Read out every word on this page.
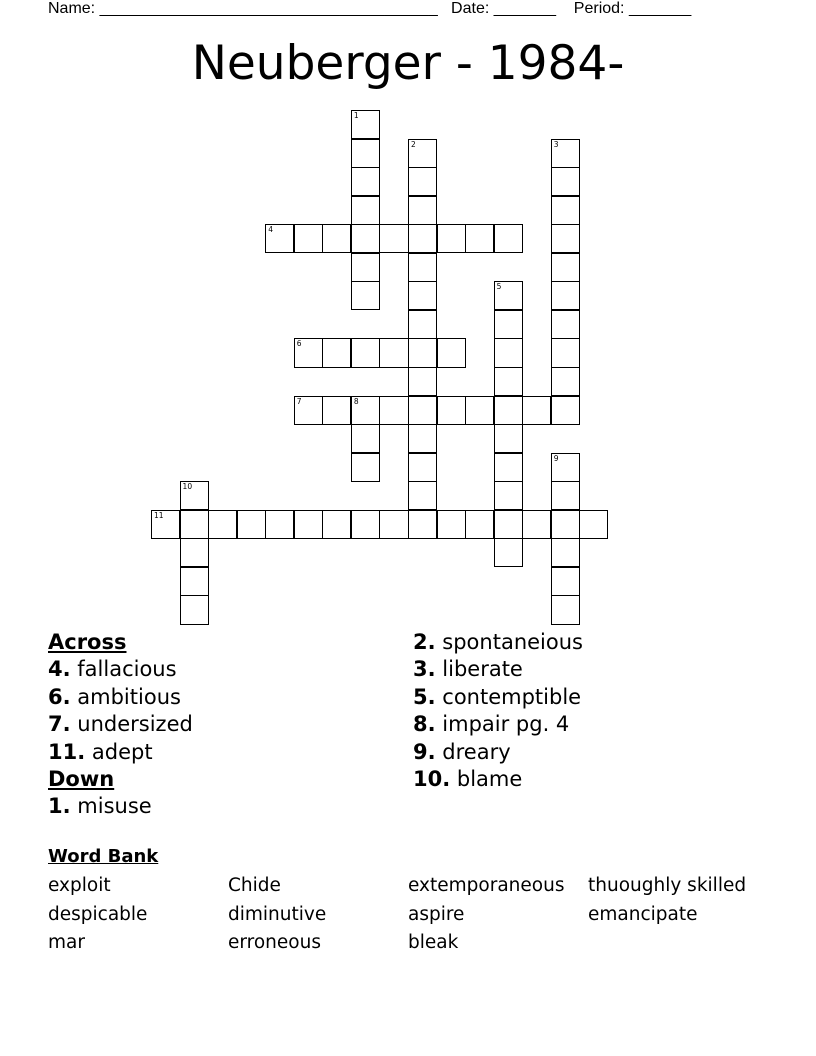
Name: ______________________________________   Date: _______    Period: _______
Neuberger - 1984-
1
2	3
4
5
6
7	8
9
10
11
Across
4. fallacious
6. ambitious
7. undersized
11. adept
Down
1. misuse
2. spontaneious
3. liberate
5. contemptible
8. impair pg. 4
9. dreary
10. blame
Word Bank
exploit	Chide	extemporaneous	thuoughly skilled
despicable	diminutive	aspire	emancipate
mar	erroneous	bleak
